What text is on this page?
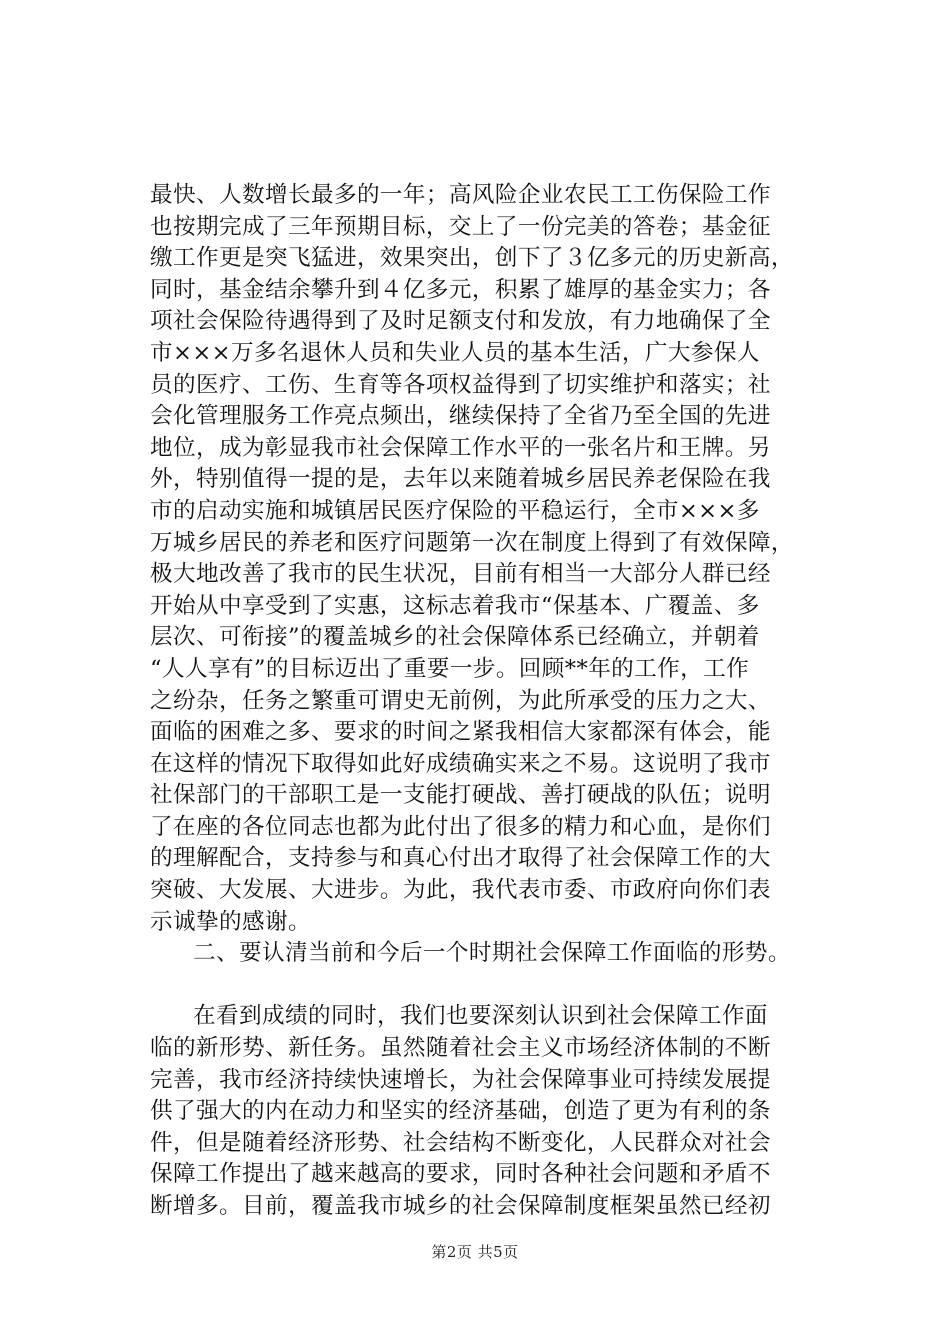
最快、人数增长最多的一年；高风险企业农民工工伤保险工作
也按期完成了三年预期目标，交上了一份完美的答卷；基金征
缴工作更是突飞猛进，效果突出，创下了３亿多元的历史新高，
同时，基金结余攀升到４亿多元，积累了雄厚的基金实力；各
项社会保险待遇得到了及时足额支付和发放，有力地确保了全
市×××万多名退休人员和失业人员的基本生活，广大参保人
员的医疗、工伤、生育等各项权益得到了切实维护和落实；社
会化管理服务工作亮点频出，继续保持了全省乃至全国的先进
地位，成为彰显我市社会保障工作水平的一张名片和王牌。另
外，特别值得一提的是，去年以来随着城乡居民养老保险在我
市的启动实施和城镇居民医疗保险的平稳运行，全市×××多
万城乡居民的养老和医疗问题第一次在制度上得到了有效保障，
极大地改善了我市的民生状况，目前有相当一大部分人群已经
开始从中享受到了实惠，这标志着我市“保基本、广覆盖、多
层次、可衔接”的覆盖城乡的社会保障体系已经确立，并朝着
“人人享有”的目标迈出了重要一步。回顾**年的工作，工作
之纷杂，任务之繁重可谓史无前例，为此所承受的压力之大、
面临的困难之多、要求的时间之紧我相信大家都深有体会，能
在这样的情况下取得如此好成绩确实来之不易。这说明了我市
社保部门的干部职工是一支能打硬战、善打硬战的队伍；说明
了在座的各位同志也都为此付出了很多的精力和心血，是你们
的理解配合，支持参与和真心付出才取得了社会保障工作的大
突破、大发展、大进步。为此，我代表市委、市政府向你们表
示诚挚的感谢。
二、要认清当前和今后一个时期社会保障工作面临的形势。
在看到成绩的同时，我们也要深刻认识到社会保障工作面
临的新形势、新任务。虽然随着社会主义市场经济体制的不断
完善，我市经济持续快速增长，为社会保障事业可持续发展提
供了强大的内在动力和坚实的经济基础，创造了更为有利的条
件，但是随着经济形势、社会结构不断变化，人民群众对社会
保障工作提出了越来越高的要求，同时各种社会问题和矛盾不
断增多。目前，覆盖我市城乡的社会保障制度框架虽然已经初
第2页 共5页
